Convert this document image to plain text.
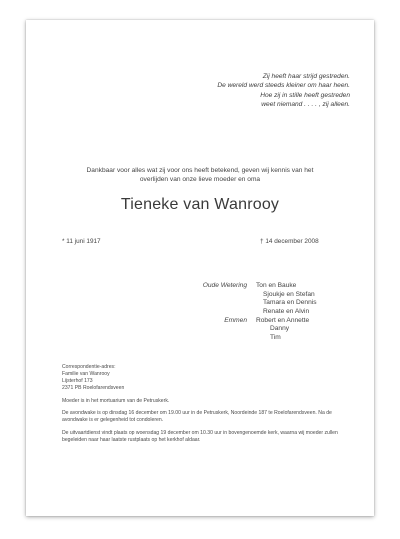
Zij heeft haar strijd gestreden.
De wereld werd steeds kleiner om haar heen.
Hoe zij in stille heeft gestreden
weet niemand . . . . , zij alleen.
Dankbaar voor alles wat zij voor ons heeft betekend, geven wij kennis van het
overlijden van onze lieve moeder en oma
Tieneke van Wanrooy
* 11 juni 1917	† 14 december 2008
Oude Wetering Ton en Bauke
Sjoukje en Stefan
Tamara en Dennis
Renate en Alvin
Emmen Robert en Annette
Danny
Tim

Correspondentie-adres:
Familie van Wanrooy
Lijsterhof 173
2371 PB Roelofarendsveen

Moeder is in het mortuarium van de Petruskerk.

De avondwake is op dinsdag 16 december om 19.00 uur in de Petruskerk, Noordeinde 187 te Roelofarendsveen. Na de avondwake is er gelegenheid tot condoleren.

De uitvaartdienst vindt plaats op woensdag 19 december om 10.30 uur in bovengenoemde kerk, waarna wij moeder zullen begeleiden naar haar laatste rustplaats op het kerkhof aldaar.
